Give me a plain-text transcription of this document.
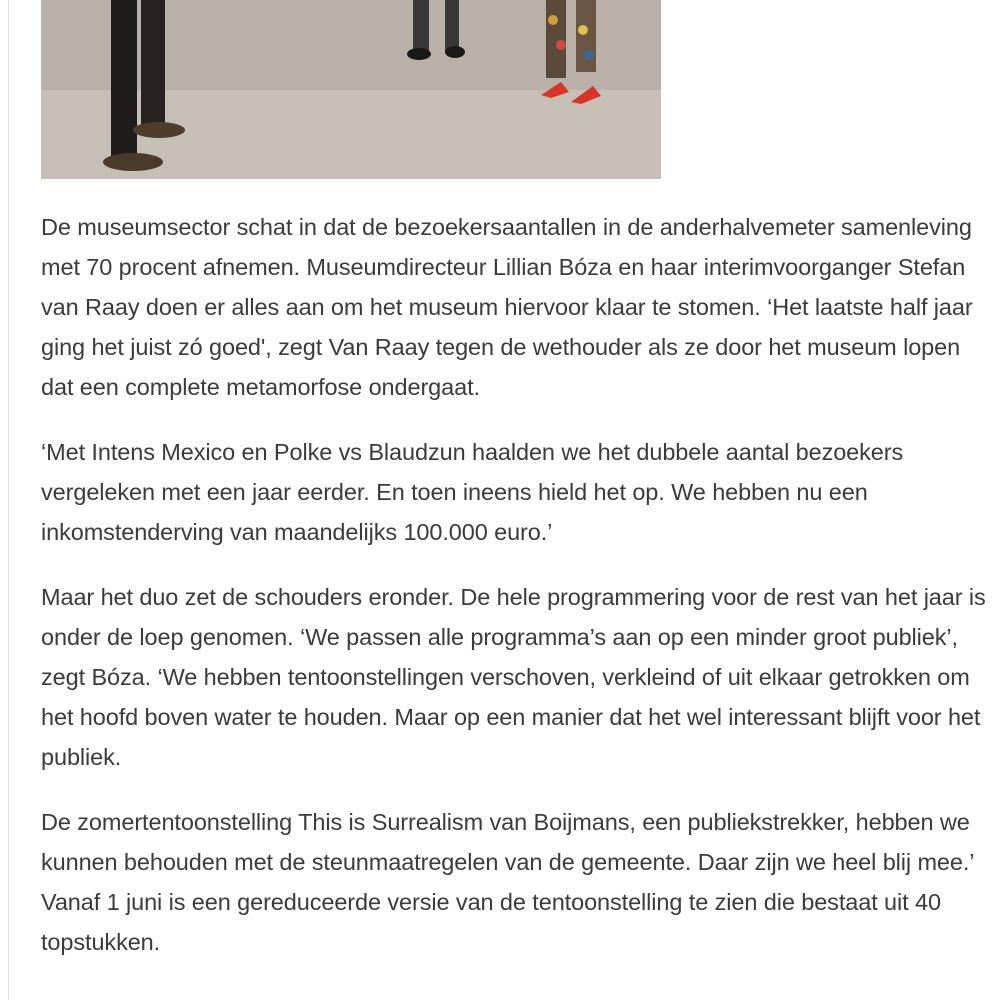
De museumsector schat in dat de bezoekersaantallen in de anderhalvemeter samenleving met 70 procent afnemen. Museumdirecteur Lillian Bóza en haar interimvoorganger Stefan van Raay doen er alles aan om het museum hiervoor klaar te stomen. ‘Het laatste half jaar ging het juist zó goed', zegt Van Raay tegen de wethouder als ze door het museum lopen dat een complete metamorfose ondergaat.

‘Met Intens Mexico en Polke vs Blaudzun haalden we het dubbele aantal bezoekers vergeleken met een jaar eerder. En toen ineens hield het op. We hebben nu een inkomstenderving van maandelijks 100.000 euro.’

Maar het duo zet de schouders eronder. De hele programmering voor de rest van het jaar is onder de loep genomen. ‘We passen alle programma’s aan op een minder groot publiek’, zegt Bóza. ‘We hebben tentoonstellingen verschoven, verkleind of uit elkaar getrokken om het hoofd boven water te houden. Maar op een manier dat het wel interessant blijft voor het publiek.

De zomertentoonstelling This is Surrealism van Boijmans, een publiekstrekker, hebben we kunnen behouden met de steunmaatregelen van de gemeente. Daar zijn we heel blij mee.’ Vanaf 1 juni is een gereduceerde versie van de tentoonstelling te zien die bestaat uit 40 topstukken.
